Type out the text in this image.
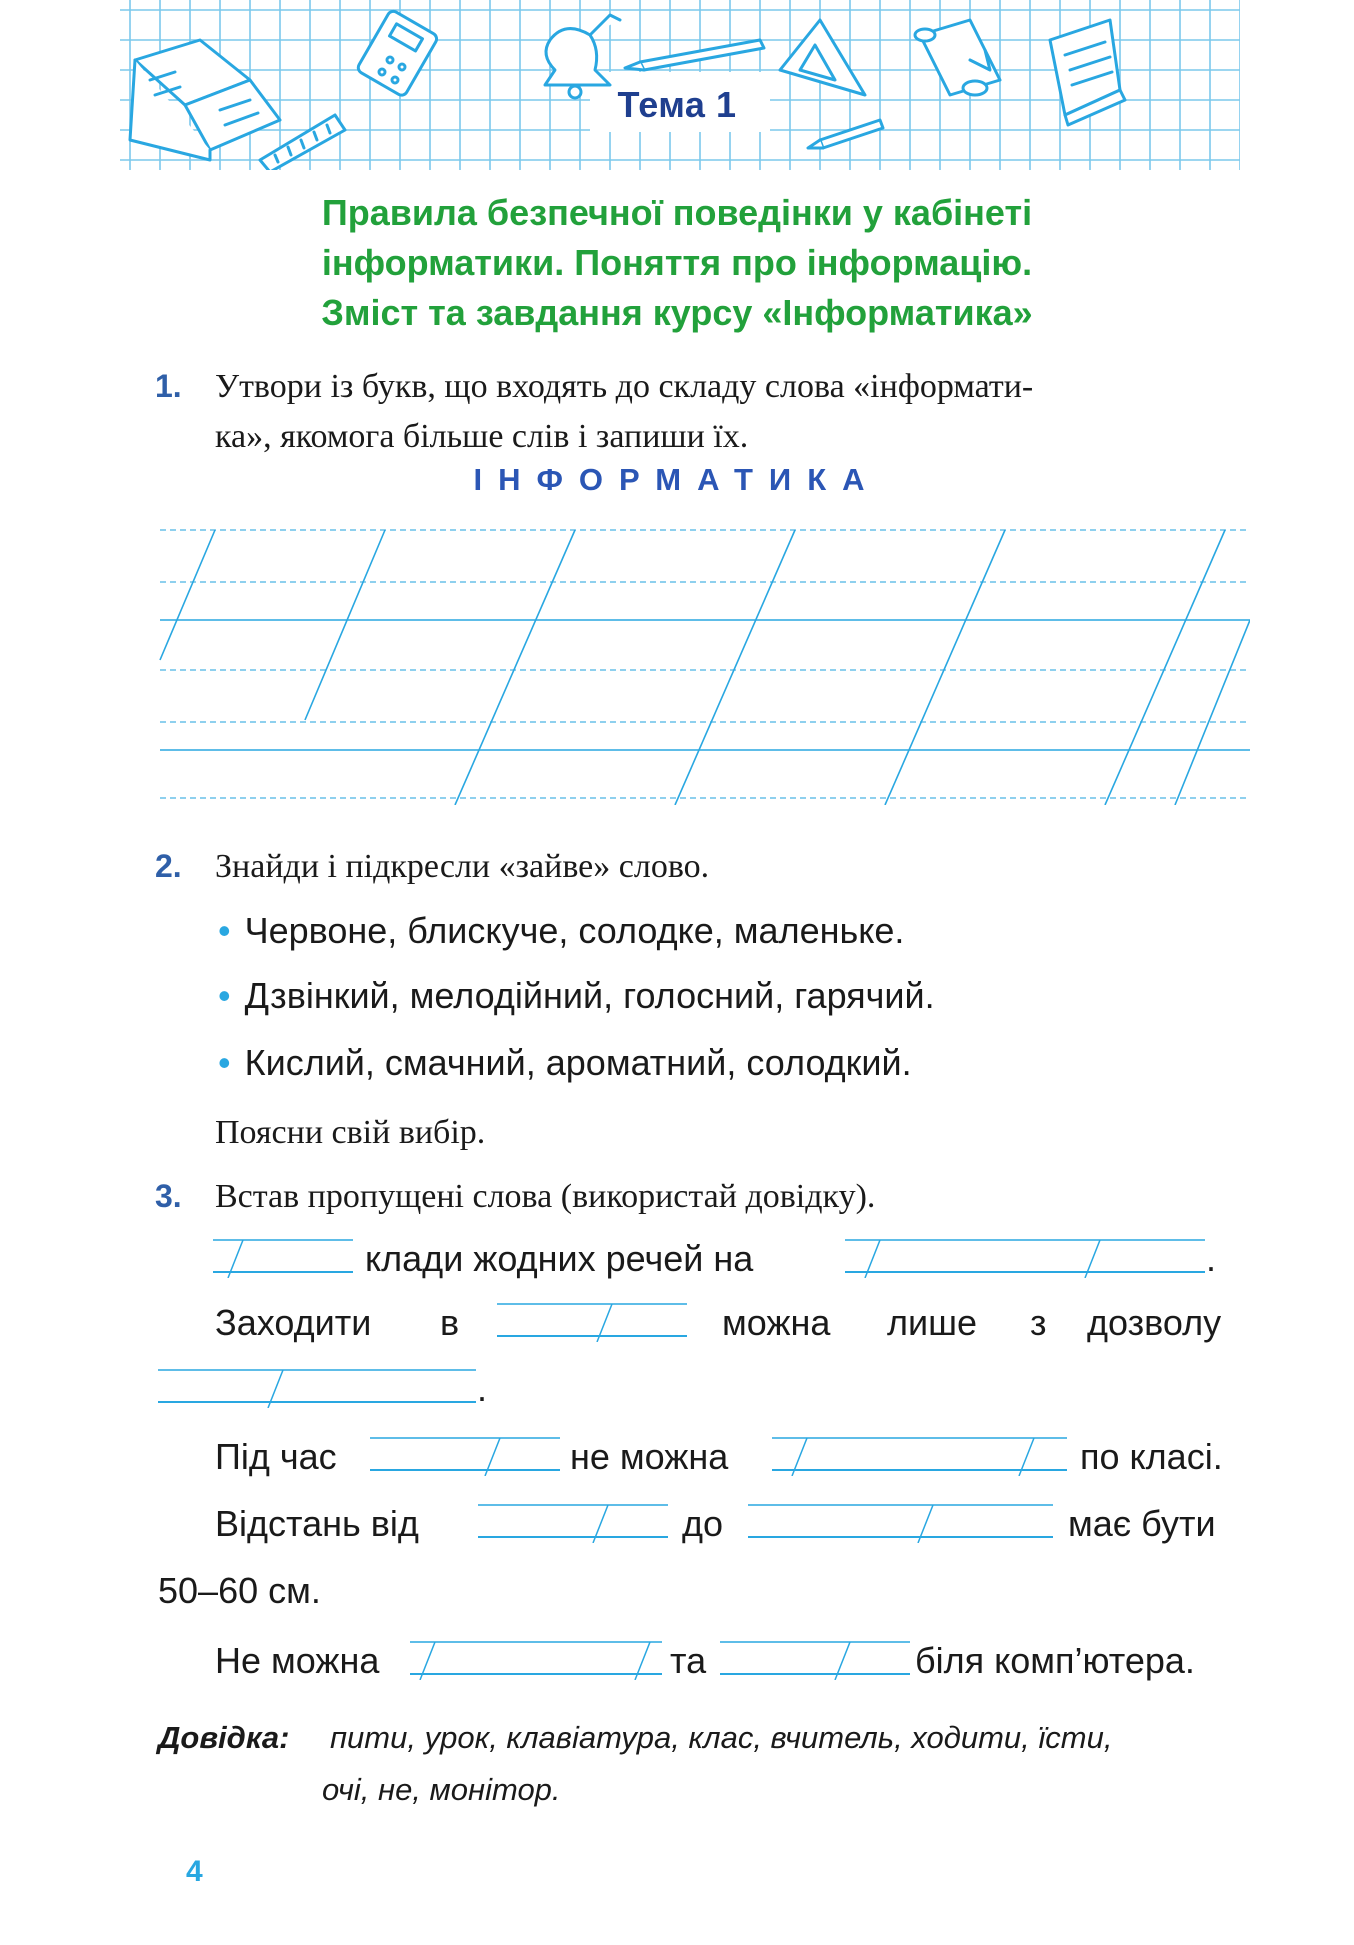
Тема 1
Правила безпечної поведінки у кабінеті
інформатики. Поняття про інформацію.
Зміст та завдання курсу «Інформатика»
1. Утвори із букв, що входять до складу слова «інформати-
ка», якомога більше слів і запиши їх.
ІНФОРМАТИКА
2. Знайди і підкресли «зайве» слово.
• Червоне, блискуче, солодке, маленьке.
• Дзвінкий, мелодійний, голосний, гарячий.
• Кислий, смачний, ароматний, солодкий.
Поясни свій вибір.
3. Встав пропущені слова (використай довідку).
клади жодних речей на	.
Заходити в	можна лише з дозволу
.
Під час	не можна	по класі.
Відстань від	до	має бути
50–60 см.
Не можна	та	біля комп’ютера.
Довідка: пити, урок, клавіатура, клас, вчитель, ходити, їсти,
очі, не, монітор.
4
